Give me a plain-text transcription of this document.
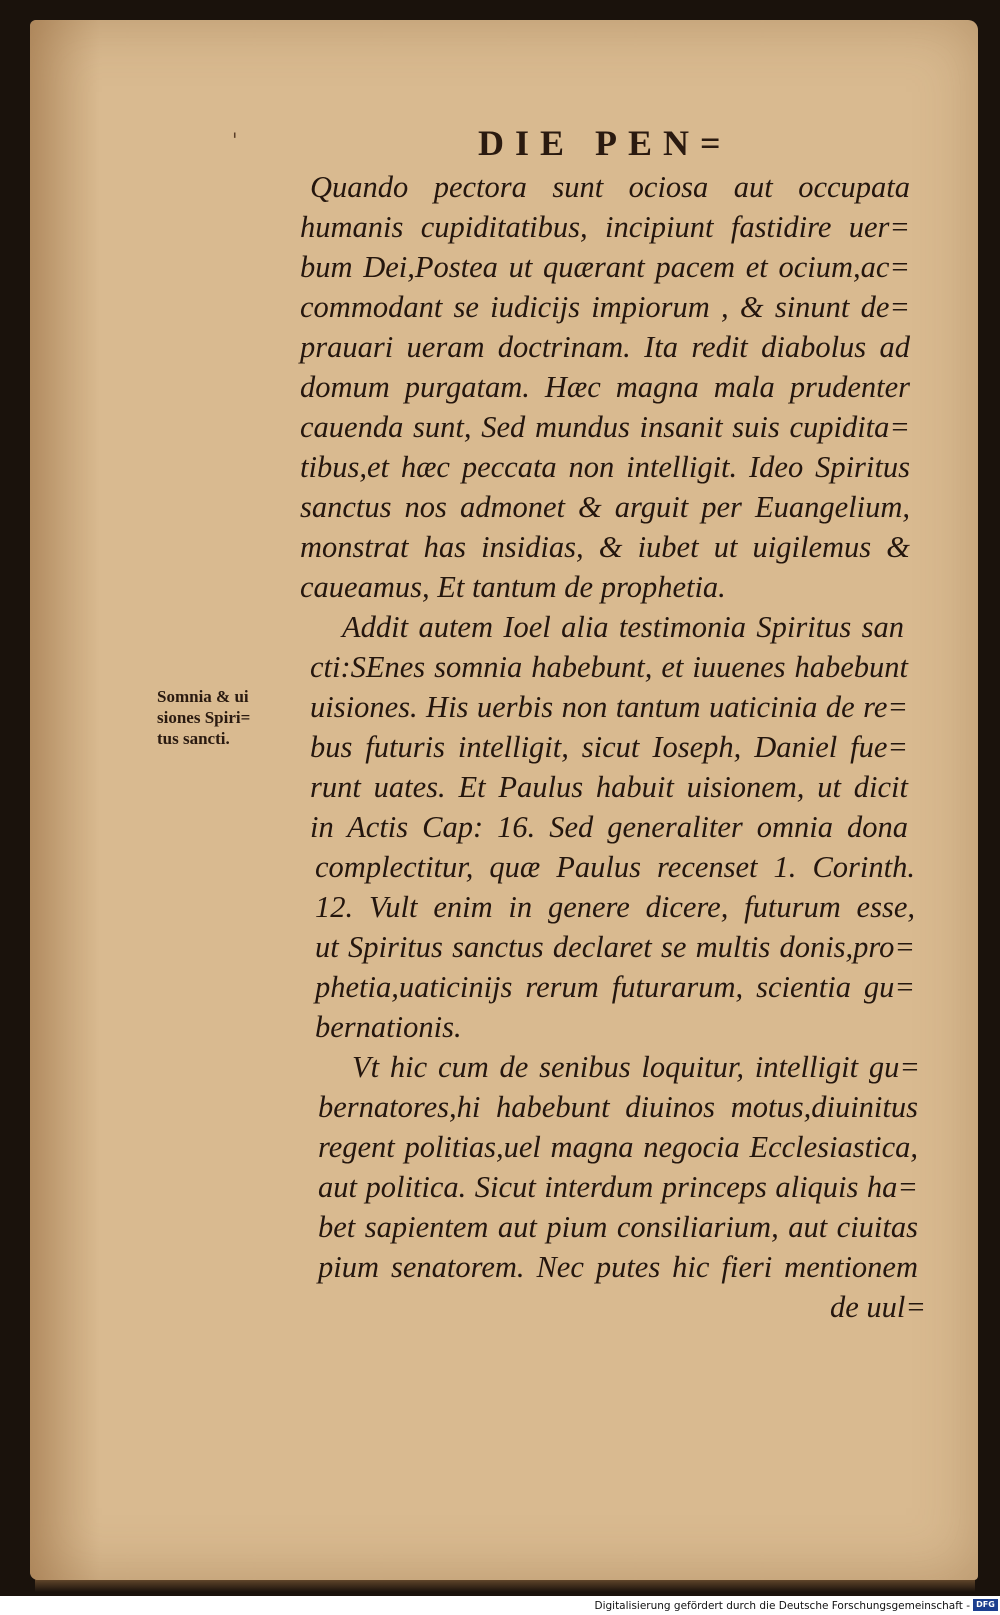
'	DIE PEN=
Quando pectora sunt ociosa aut occupata
humanis cupiditatibus, incipiunt fastidire uer=
bum Dei,Postea ut quærant pacem et ocium,ac=
commodant se iudicijs impiorum , & sinunt de=
prauari ueram doctrinam. Ita redit diabolus ad
domum purgatam. Hæc magna mala prudenter
cauenda sunt, Sed mundus insanit suis cupidita=
tibus,et hæc peccata non intelligit. Ideo Spiritus
sanctus nos admonet & arguit per Euangelium,
monstrat has insidias, & iubet ut uigilemus &
caueamus, Et tantum de prophetia.
Addit autem Ioel alia testimonia Spiritus san
cti:SEnes somnia habebunt, et iuuenes habebunt
uisiones. His uerbis non tantum uaticinia de re=
bus futuris intelligit, sicut Ioseph, Daniel fue=
runt uates. Et Paulus habuit uisionem, ut dicit
in Actis Cap: 16. Sed generaliter omnia dona
complectitur, quæ Paulus recenset 1. Corinth.
12. Vult enim in genere dicere, futurum esse,
ut Spiritus sanctus declaret se multis donis,pro=
phetia,uaticinijs rerum futurarum, scientia gu=
bernationis.
Vt hic cum de senibus loquitur, intelligit gu=
bernatores,hi habebunt diuinos motus,diuinitus
regent politias,uel magna negocia Ecclesiastica,
aut politica. Sicut interdum princeps aliquis ha=
bet sapientem aut pium consiliarium, aut ciuitas
pium senatorem. Nec putes hic fieri mentionem
de uul=
Somnia & ui
siones Spiri=
tus sancti.
Digitalisierung gefördert durch die Deutsche Forschungsgemeinschaft - DFG
